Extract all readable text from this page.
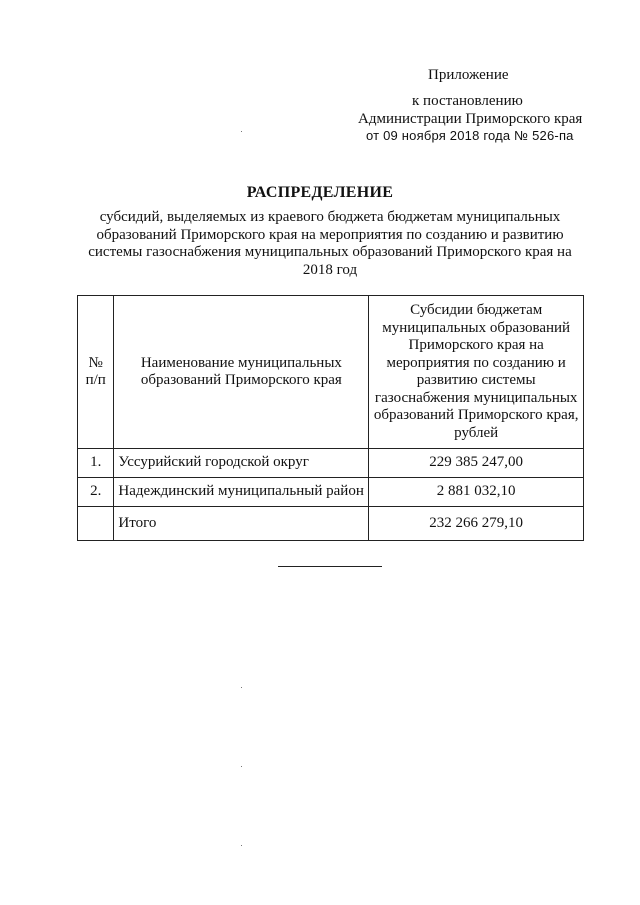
Приложение
к постановлению
Администрации Приморского края
от 09 ноября 2018 года № 526-па
РАСПРЕДЕЛЕНИЕ
субсидий, выделяемых из краевого бюджета бюджетам муниципальных образований Приморского края на мероприятия по созданию и развитию системы газоснабжения муниципальных образований Приморского края на 2018 год
№ п/п	Наименование муниципальных образований Приморского края	Субсидии бюджетам муниципальных образований Приморского края на мероприятия по созданию и развитию системы газоснабжения муниципальных образований Приморского края, рублей
1.	Уссурийский городской округ	229 385 247,00
2.	Надеждинский муниципальный район	2 881 032,10
	Итого	232 266 279,10
